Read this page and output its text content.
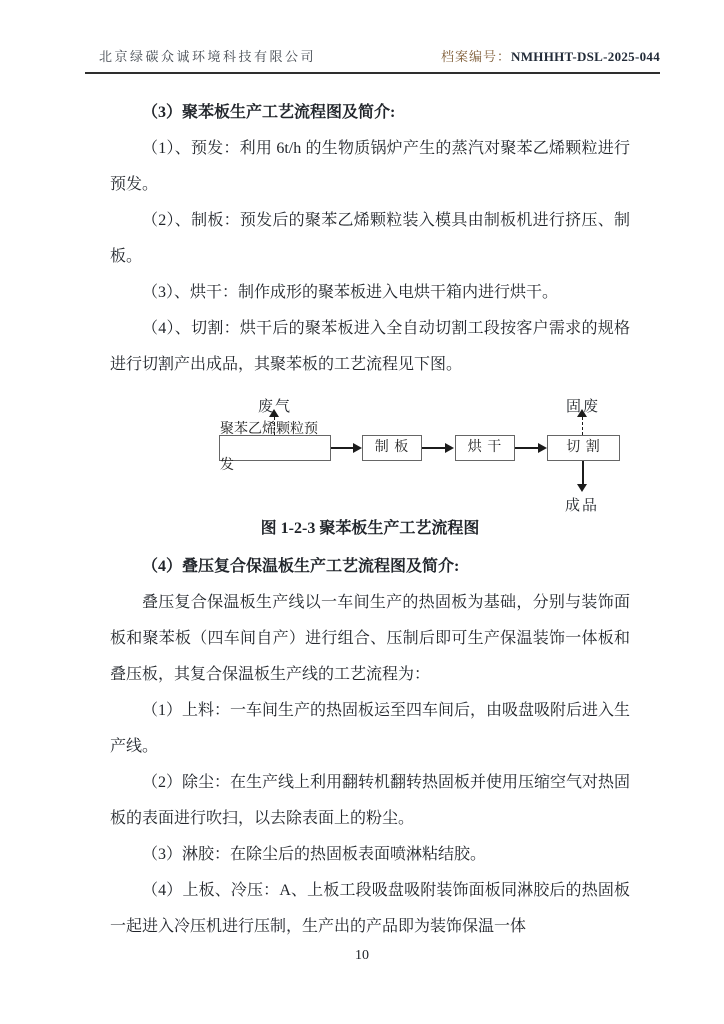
北京绿碳众诚环境科技有限公司	档案编号：NMHHHT-DSL-2025-044

（3）聚苯板生产工艺流程图及简介:

（1）、预发：利用 6t/h 的生物质锅炉产生的蒸汽对聚苯乙烯颗粒进行预发。

（2）、制板：预发后的聚苯乙烯颗粒装入模具由制板机进行挤压、制板。

（3）、烘干：制作成形的聚苯板进入电烘干箱内进行烘干。

（4）、切割：烘干后的聚苯板进入全自动切割工段按客户需求的规格进行切割产出成品，其聚苯板的工艺流程见下图。

废气	固废
成品
聚苯乙烯颗粒预发
制 板	烘 干	切 割

图 1-2-3 聚苯板生产工艺流程图

（4）叠压复合保温板生产工艺流程图及简介:

叠压复合保温板生产线以一车间生产的热固板为基础，分别与装饰面板和聚苯板（四车间自产）进行组合、压制后即可生产保温装饰一体板和叠压板，其复合保温板生产线的工艺流程为：

（1）上料：一车间生产的热固板运至四车间后，由吸盘吸附后进入生产线。

（2）除尘：在生产线上利用翻转机翻转热固板并使用压缩空气对热固板的表面进行吹扫，以去除表面上的粉尘。

（3）淋胶：在除尘后的热固板表面喷淋粘结胶。

（4）上板、冷压：A、上板工段吸盘吸附装饰面板同淋胶后的热固板一起进入冷压机进行压制，生产出的产品即为装饰保温一体

10
